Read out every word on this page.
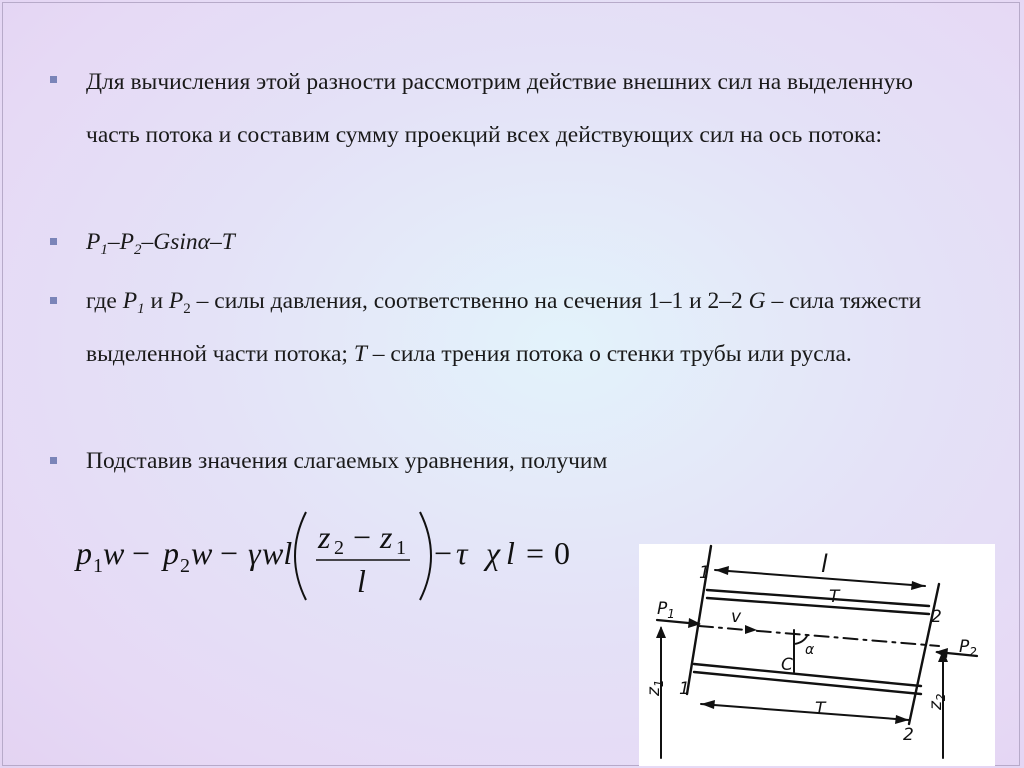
Для вычисления этой разности рассмотрим действие внешних сил на выделенную часть потока и составим сумму проекций всех действующих сил на ось потока:

$P_1-P_2-Gsin\alpha-T$

где $P_1$ и $P_2$ – силы давления, соответственно на сечения 1–1 и 2–2 G – сила тяжести выделенной части потока; T – сила трения потока о стенки трубы или русла.

Подставив значения слагаемых уравнения, получим

p 1 w − p 2 w − γ wl z 2 − z 1
l
− τ χ l = 0	l
1
1
2
2
T
T
v
C
α
$P_1$
$P_2$
$z_1$
$z_2$
